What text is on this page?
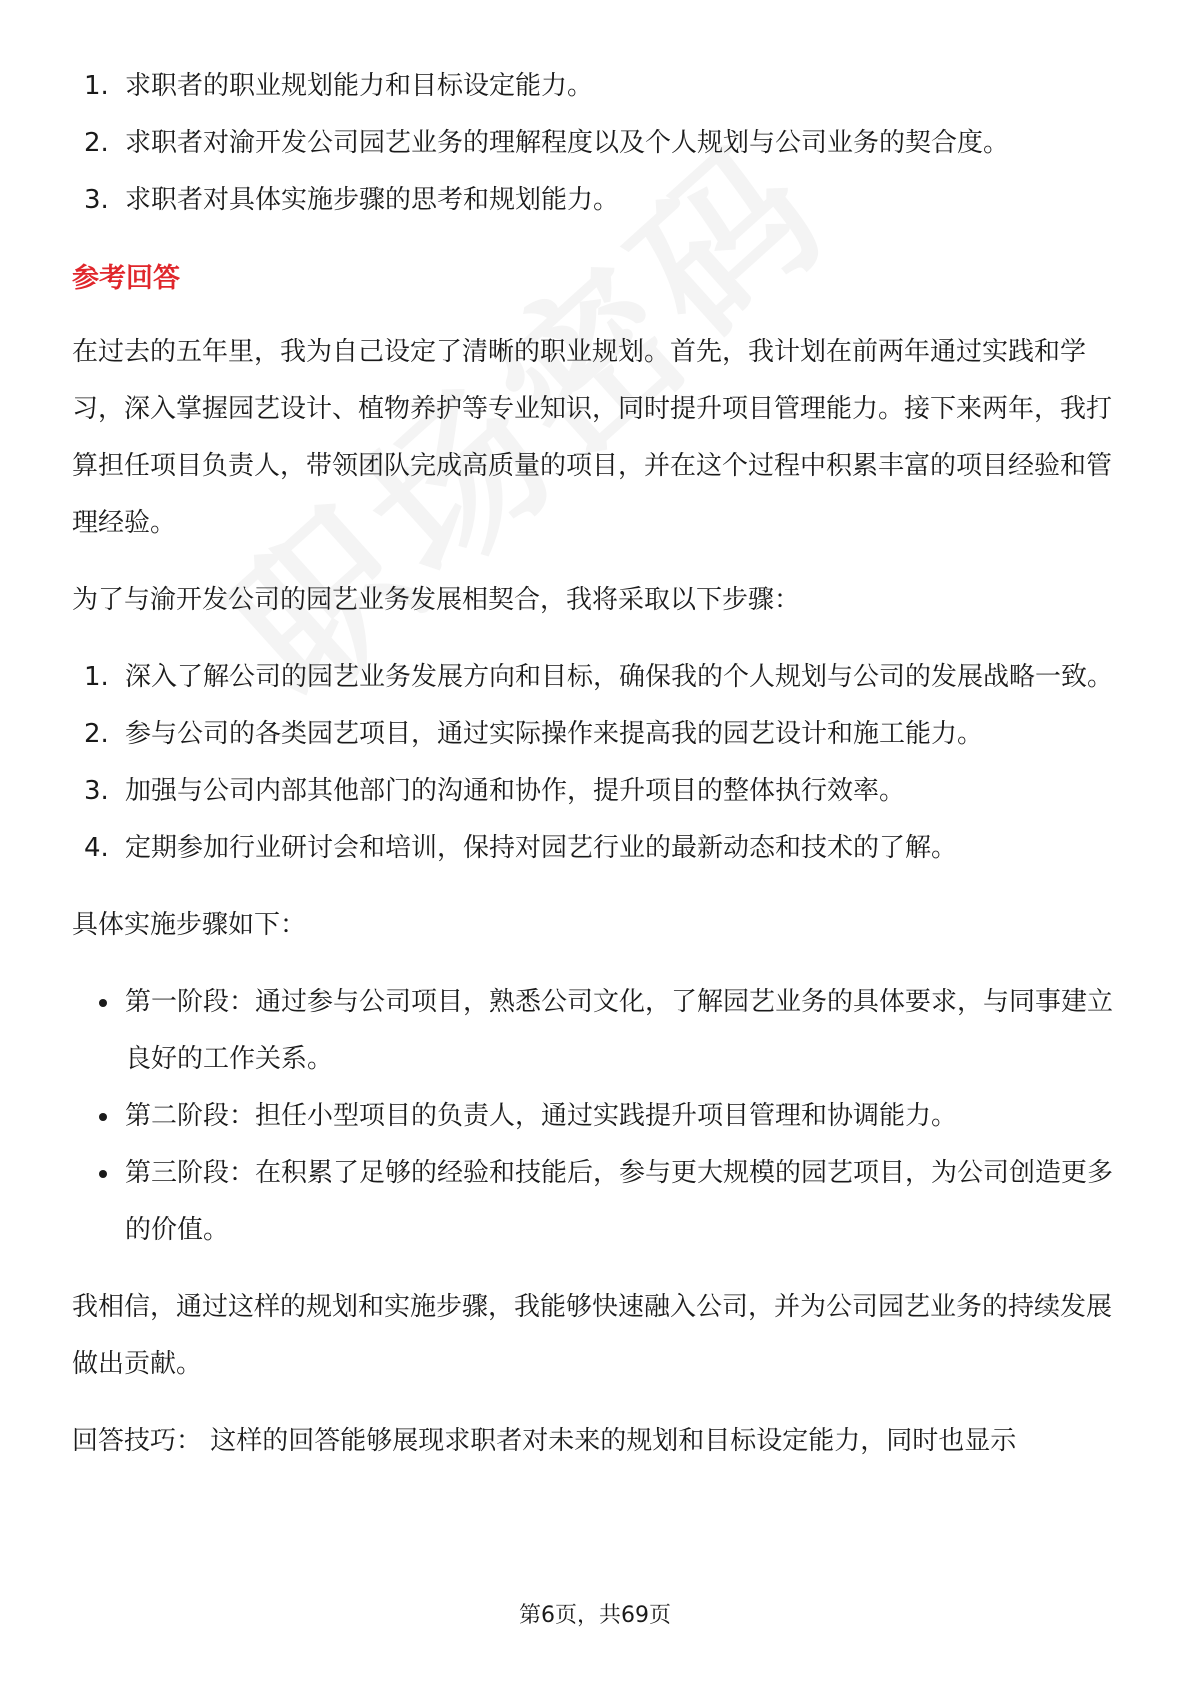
1. 求职者的职业规划能力和目标设定能力。
2. 求职者对渝开发公司园艺业务的理解程度以及个人规划与公司业务的契合度。
3. 求职者对具体实施步骤的思考和规划能力。
参考回答

在过去的五年里，我为自己设定了清晰的职业规划。首先，我计划在前两年通过实践和学习，深入掌握园艺设计、植物养护等专业知识，同时提升项目管理能力。接下来两年，我打算担任项目负责人，带领团队完成高质量的项目，并在这个过程中积累丰富的项目经验和管理经验。

为了与渝开发公司的园艺业务发展相契合，我将采取以下步骤：

1. 深入了解公司的园艺业务发展方向和目标，确保我的个人规划与公司的发展战略一致。
2. 参与公司的各类园艺项目，通过实际操作来提高我的园艺设计和施工能力。
3. 加强与公司内部其他部门的沟通和协作，提升项目的整体执行效率。
4. 定期参加行业研讨会和培训，保持对园艺行业的最新动态和技术的了解。

具体实施步骤如下：

第一阶段：通过参与公司项目，熟悉公司文化，了解园艺业务的具体要求，与同事建立良好的工作关系。
第二阶段：担任小型项目的负责人，通过实践提升项目管理和协调能力。
第三阶段：在积累了足够的经验和技能后，参与更大规模的园艺项目，为公司创造更多的价值。

我相信，通过这样的规划和实施步骤，我能够快速融入公司，并为公司园艺业务的持续发展做出贡献。

回答技巧： 这样的回答能够展现求职者对未来的规划和目标设定能力，同时也显示

第6页，共69页
